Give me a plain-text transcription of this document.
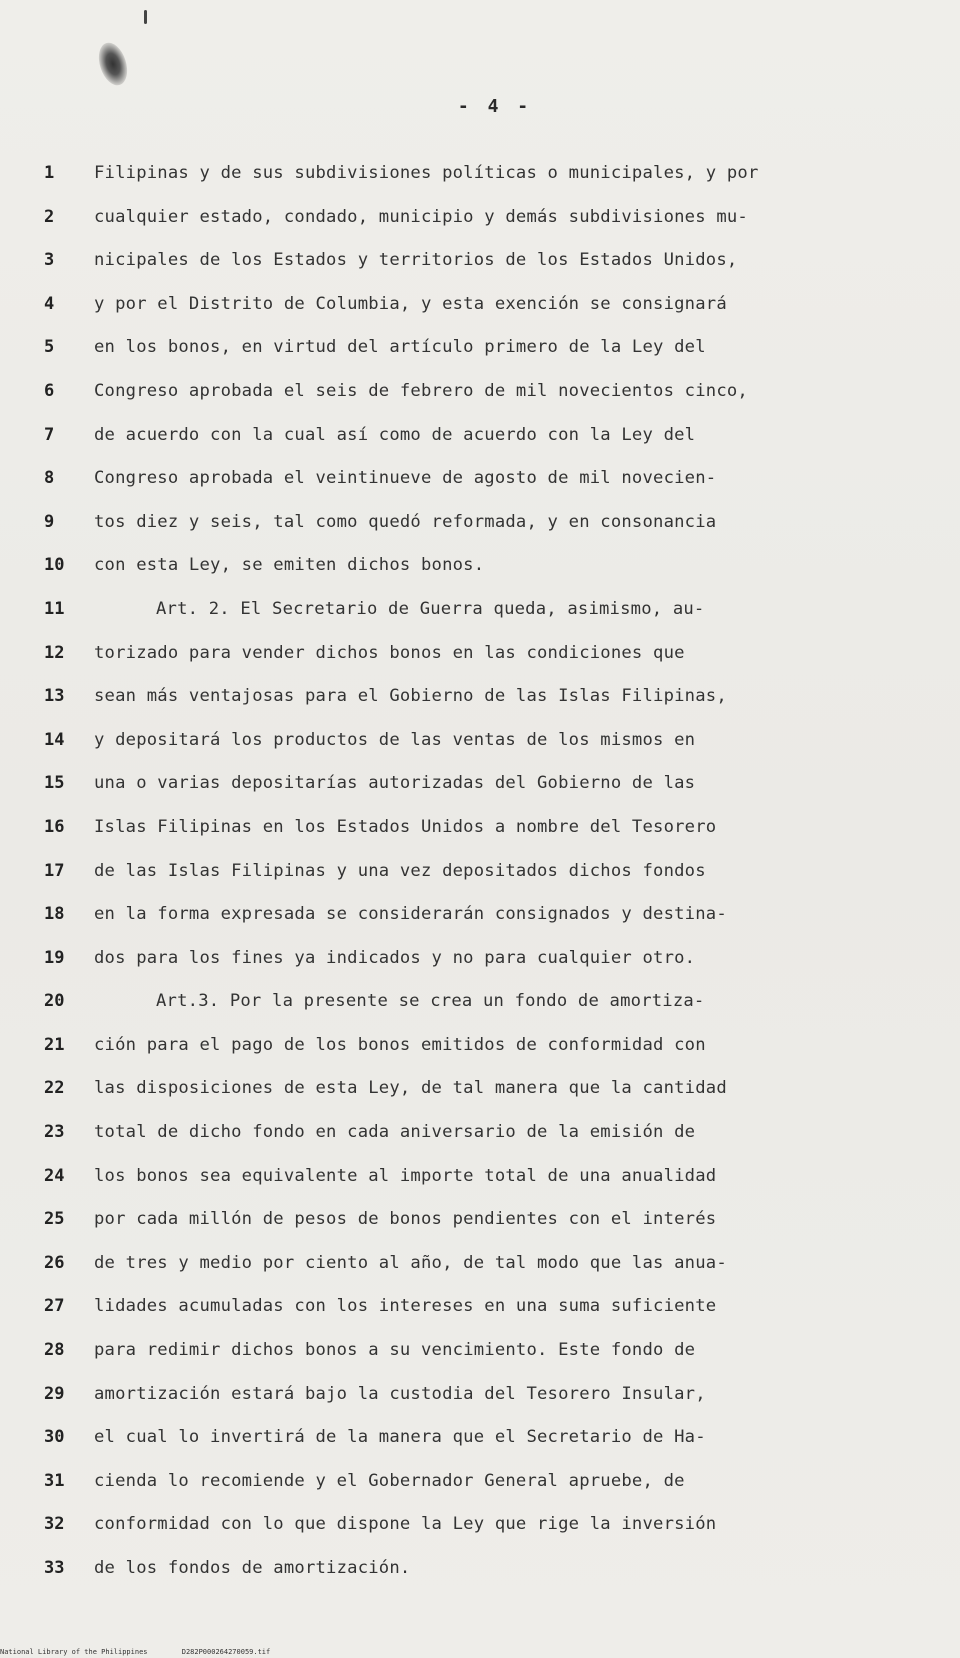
- 4 -
1	Filipinas y de sus subdivisiones políticas o municipales, y por
2	cualquier estado, condado, municipio y demás subdivisiones mu-
3	nicipales de los Estados y territorios de los Estados Unidos,
4	y por el Distrito de Columbia, y esta exención se consignará
5	en los bonos, en virtud del artículo primero de la Ley del
6	Congreso aprobada el seis de febrero de mil novecientos cinco,
7	de acuerdo con la cual así como de acuerdo con la Ley del
8	Congreso aprobada el veintinueve de agosto de mil novecien-
9	tos diez y seis, tal como quedó reformada, y en consonancia
10	con esta Ley, se emiten dichos bonos.
11	Art. 2. El Secretario de Guerra queda, asimismo, au-
12	torizado para vender dichos bonos en las condiciones que
13	sean más ventajosas para el Gobierno de las Islas Filipinas,
14	y depositará los productos de las ventas de los mismos en
15	una o varias depositarías autorizadas del Gobierno de las
16	Islas Filipinas en los Estados Unidos a nombre del Tesorero
17	de las Islas Filipinas y una vez depositados dichos fondos
18	en la forma expresada se considerarán consignados y destina-
19	dos para los fines ya indicados y no para cualquier otro.
20	Art.3. Por la presente se crea un fondo de amortiza-
21	ción para el pago de los bonos emitidos de conformidad con
22	las disposiciones de esta Ley, de tal manera que la cantidad
23	total de dicho fondo en cada aniversario de la emisión de
24	los bonos sea equivalente al importe total de una anualidad
25	por cada millón de pesos de bonos pendientes con el interés
26	de tres y medio por ciento al año, de tal modo que las anua-
27	lidades acumuladas con los intereses en una suma suficiente
28	para redimir dichos bonos a su vencimiento. Este fondo de
29	amortización estará bajo la custodia del Tesorero Insular,
30	el cual lo invertirá de la manera que el Secretario de Ha-
31	cienda lo recomiende y el Gobernador General apruebe, de
32	conformidad con lo que dispone la Ley que rige la inversión
33	de los fondos de amortización.
National Library of the Philippines	D282P000264270059.tif
